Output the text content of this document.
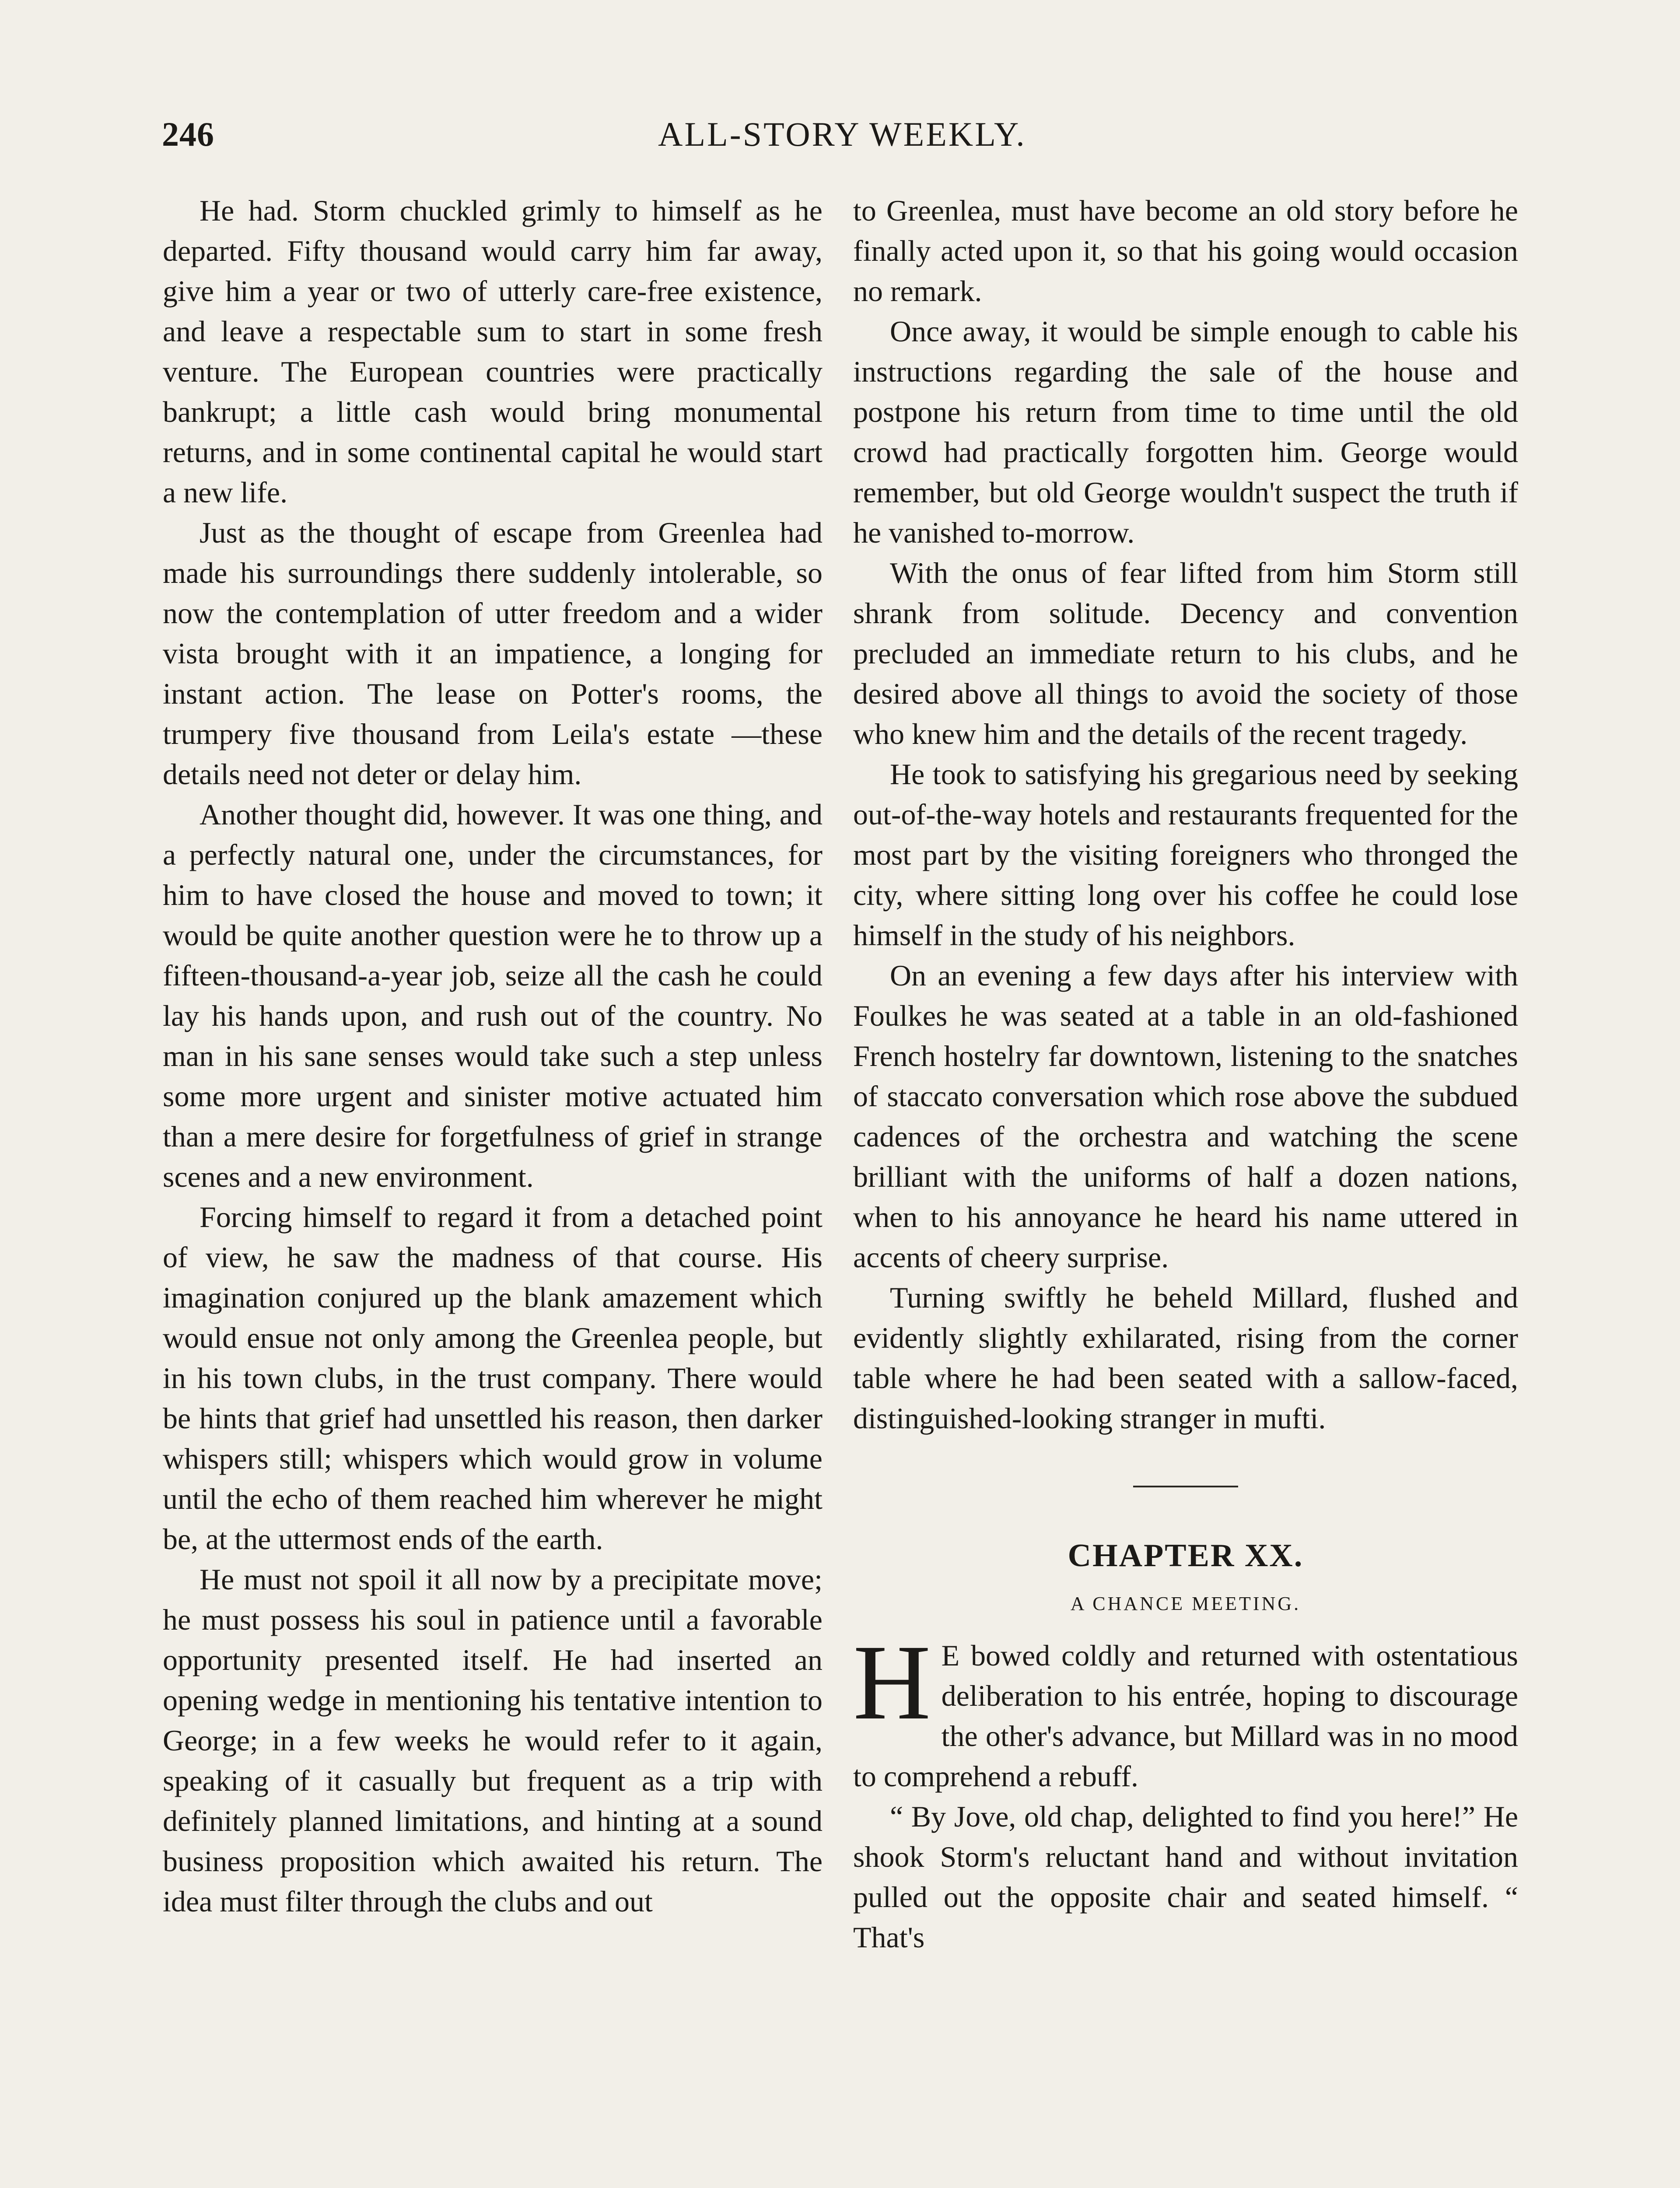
246	ALL-STORY WEEKLY.

He had. Storm chuckled grimly to himself as he departed. Fifty thousand would carry him far away, give him a year or two of utterly care-free existence, and leave a respectable sum to start in some fresh venture. The European countries were practically bankrupt; a little cash would bring monumental returns, and in some continental capital he would start a new life.

Just as the thought of escape from Greenlea had made his surroundings there suddenly intolerable, so now the contemplation of utter freedom and a wider vista brought with it an impatience, a longing for instant action. The lease on Potter's rooms, the trumpery five thousand from Leila's estate —these details need not deter or delay him.

Another thought did, however. It was one thing, and a perfectly natural one, under the circumstances, for him to have closed the house and moved to town; it would be quite another question were he to throw up a fifteen-thousand-a-year job, seize all the cash he could lay his hands upon, and rush out of the country. No man in his sane senses would take such a step unless some more urgent and sinister motive actuated him than a mere desire for forgetfulness of grief in strange scenes and a new environment.

Forcing himself to regard it from a detached point of view, he saw the madness of that course. His imagination conjured up the blank amazement which would ensue not only among the Greenlea people, but in his town clubs, in the trust company. There would be hints that grief had unsettled his reason, then darker whispers still; whispers which would grow in volume until the echo of them reached him wherever he might be, at the uttermost ends of the earth.

He must not spoil it all now by a precipitate move; he must possess his soul in patience until a favorable opportunity presented itself. He had inserted an opening wedge in mentioning his tentative intention to George; in a few weeks he would refer to it again, speaking of it casually but frequent as a trip with definitely planned limitations, and hinting at a sound business proposition which awaited his return. The idea must filter through the clubs and out

to Greenlea, must have become an old story before he finally acted upon it, so that his going would occasion no remark.

Once away, it would be simple enough to cable his instructions regarding the sale of the house and postpone his return from time to time until the old crowd had practically forgotten him. George would remember, but old George wouldn't suspect the truth if he vanished to-morrow.

With the onus of fear lifted from him Storm still shrank from solitude. Decency and convention precluded an immediate return to his clubs, and he desired above all things to avoid the society of those who knew him and the details of the recent tragedy.

He took to satisfying his gregarious need by seeking out-of-the-way hotels and restaurants frequented for the most part by the visiting foreigners who thronged the city, where sitting long over his coffee he could lose himself in the study of his neighbors.

On an evening a few days after his interview with Foulkes he was seated at a table in an old-fashioned French hostelry far downtown, listening to the snatches of staccato conversation which rose above the subdued cadences of the orchestra and watching the scene brilliant with the uniforms of half a dozen nations, when to his annoyance he heard his name uttered in accents of cheery surprise.

Turning swiftly he beheld Millard, flushed and evidently slightly exhilarated, rising from the corner table where he had been seated with a sallow-faced, distinguished-looking stranger in mufti.

CHAPTER XX.
A CHANCE MEETING.

H E bowed coldly and returned with ostentatious deliberation to his entrée, hoping to discourage the other's advance, but Millard was in no mood to comprehend a rebuff.

“ By Jove, old chap, delighted to find you here!” He shook Storm's reluctant hand and without invitation pulled out the opposite chair and seated himself. “ That's
